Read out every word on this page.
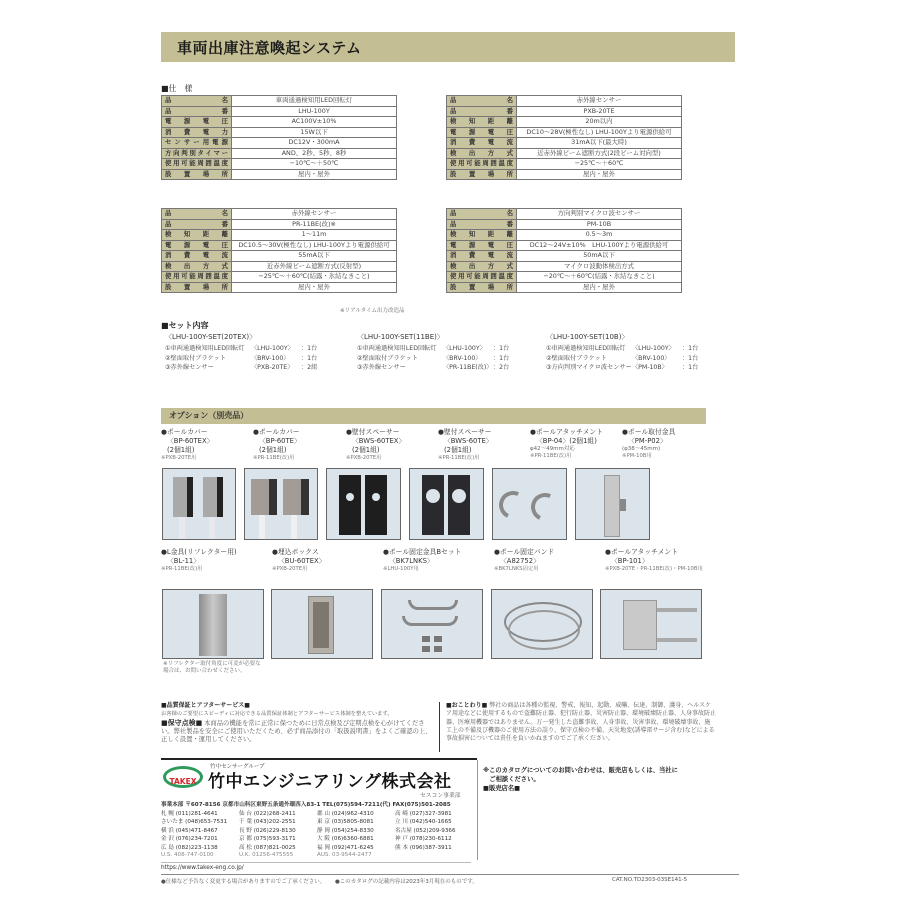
車両出庫注意喚起システム
■仕　様
品名	車両通過検知用LED回転灯
品番	LHU-100Y
電源電圧	AC100V±10%
消費電力	15W以下
センサー用電源	DC12V・300mA
方向判別タイマー	AND、2秒、5秒、8秒
使用可能周囲温度	−10℃〜＋50℃
設置場所	屋内・屋外
品名	赤外線センサー
品番	PXB-20TE
検知距離	20m以内
電源電圧	DC10〜28V(極性なし) LHU-100Yより電源供給可
消費電流	31mA以下(最大時)
検出方式	近赤外線ビーム遮断方式(2段ビーム対向型)
使用可能周囲温度	−25℃〜＋60℃
設置場所	屋内・屋外
品名	赤外線センサー
品番	PR-11BE(改)※
検知距離	1〜11m
電源電圧	DC10.5〜30V(極性なし) LHU-100Yより電源供給可
消費電流	55mA以下
検出方式	近赤外線ビーム遮断方式(反射型)
使用可能周囲温度	−25℃〜＋60℃(結露・氷結なきこと)
設置場所	屋内・屋外
※リアルタイム出力改造品
品名	方向判別マイクロ波センサー
品番	PM-10B
検知距離	0.5〜3m
電源電圧	DC12〜24V±10%　LHU-100Yより電源供給可
消費電流	50mA以下
検出方式	マイクロ波動体検出方式
使用可能周囲温度	−20℃〜＋60℃(結露・氷結なきこと)
設置場所	屋内・屋外
■セット内容
〈LHU-100Y-SET(20TEX)〉
①車両通過検知用LED回転灯	〈LHU-100Y〉	：1台
②壁面取付ブラケット	〈BRV-100〉	：1台
③赤外線センサー	〈PXB-20TE〉	：2組
〈LHU-100Y-SET(11BE)〉
①車両通過検知用LED回転灯	〈LHU-100Y〉	：1台
②壁面取付ブラケット	〈BRV-100〉	：1台
③赤外線センサー	〈PR-11BE(改)〉 ：2台
〈LHU-100Y-SET(10B)〉
①車両通過検知用LED回転灯	〈LHU-100Y〉	：1台
②壁面取付ブラケット	〈BRV-100〉	：1台
③方向判別マイクロ波センサー 〈PM-10B〉	：1台
オプション（別売品）
●ポールカバー
〈BP-60TEX〉
(2個1組)
※PXB-20TE用
●ポールカバー
〈BP-60TE〉
(2個1組)
※PR-11BE(改)用
●壁付スペーサー
〈BWS-60TEX〉
(2個1組)
※PXB-20TE用
●壁付スペーサー
〈BWS-60TE〉
(2個1組)
※PR-11BE(改)用
●ポールアタッチメント
〈BP-04〉(2個1組)
φ42〜49mm対応
※PR-11BE(改)用
●ポール取付金具
〈PM-P02〉
(φ38〜45mm)
※PM-10B用
●L金具(リフレクター用)
〈BL-11〉
※PR-11BE(改)用
●埋込ボックス
〈BU-60TEX〉
※PXB-20TE用
●ポール固定金具Bセット
〈BK7LNKS〉
※LHU-100Y用
●ポール固定バンド
〈A82752〉
※BK7LNKS固定用
●ポールアタッチメント
〈BP-101〉
※PXB-20TE・PR-11BE(改)・PM-10B用
※リフレクター取付角度に可変が必要な場合は、お問い合わせください。
■品質保証とアフターサービス■
お客様のご要望にスピーディに対応できる品質保証体制とアフターサービス体制を整えています。
■保守点検■ 本商品の機能を常に正常に保つために日常点検及び定期点検を心がけてください。弊社製品を安全にご使用いただくため、必ず商品添付の「取扱説明書」をよくご確認の上、正しく設置・運用してください。
■おことわり■ 弊社の商品は各種の監視、警戒、報知、起動、威嚇、伝達、制御、護身、ヘルスケア用途などに使用するもので盗難防止器、犯行防止器、災害防止器、環境破壊防止器、人身事故防止器、医療用機器ではありません。万一発生した盗難事故、人身事故、災害事故、環境破壊事故、施工上の不備及び機器のご使用方法の誤り、保守点検の不備、天災地変(誘導雷サージ含む)などによる事故損害については責任を負いかねますのでご了承ください。
TAKEX
竹中センサーグループ
竹中エンジニアリング株式会社
セスコン事業部
事業本部 〒607-8156 京都市山科区東野五条通外環西入83-1 TEL(075)594-7211(代) FAX(075)501-2085
札 幌 (011)281-4641	仙 台 (022)268-2411	郡 山 (024)962-4310	高 崎 (027)327-3981
さいたま (048)653-7531	千 葉 (043)202-2551	東 京 (03)5805-8081	立 川 (042)540-1665
横 浜 (045)471-8467	長 野 (026)229-8130	静 岡 (054)254-8330	名古屋 (052)209-9366
金 沢 (076)234-7201	京 都 (075)593-3171	大 阪 (06)6360-6881	神 戸 (078)230-6112
広 島 (082)223-1138	高 松 (087)821-0025	福 岡 (092)471-6245	熊 本 (096)387-3911
U.S. 408-747-0100	U.K. 01256-475555	AUS. 03-9544-2477
https://www.takex-eng.co.jp/
※このカタログについてのお問い合わせは、販売店もしくは、当社に
　ご相談ください。
■販売店名■
●仕様など予告なく変更する場合がありますのでご了承ください。 ●このカタログの記載内容は2023年3月現在のものです。	CAT.NO.TD2303-03SE141-5
